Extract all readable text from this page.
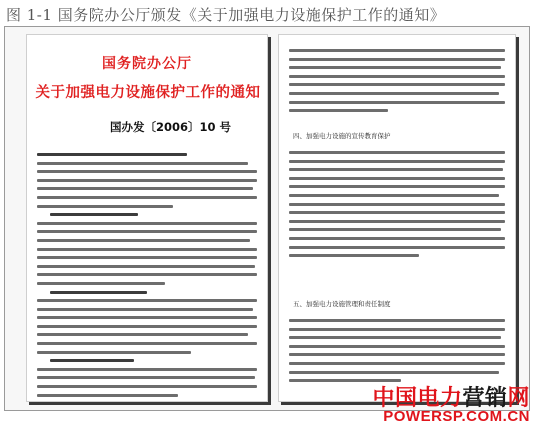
图 1-1 国务院办公厅颁发《关于加强电力设施保护工作的通知》
国务院办公厅
关于加强电力设施保护工作的通知
国办发〔2006〕10 号
四、加强电力设施的宣传教育保护
五、加强电力设施管理和责任制度
中国电力营销网
POWERSP.COM.CN
